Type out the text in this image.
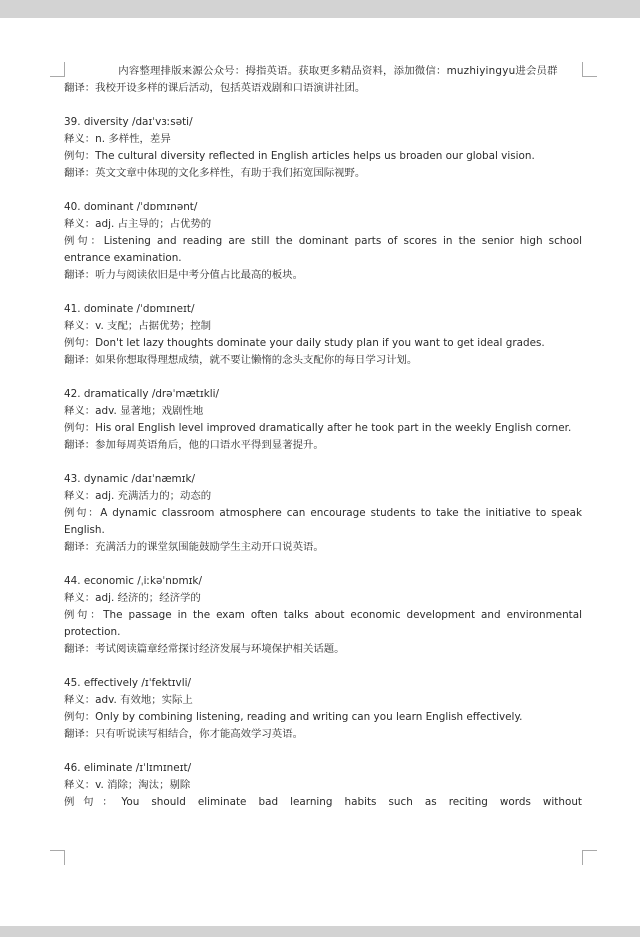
内容整理排版来源公众号：拇指英语。获取更多精品资料，添加微信：muzhiyingyu进会员群
翻译：我校开设多样的课后活动，包括英语戏剧和口语演讲社团。
39. diversity /daɪˈvɜːsəti/
释义：n. 多样性，差异
例句：The cultural diversity reflected in English articles helps us broaden our global vision.
翻译：英文文章中体现的文化多样性，有助于我们拓宽国际视野。
40. dominant /ˈdɒmɪnənt/
释义：adj. 占主导的；占优势的
例句：Listening and reading are still the dominant parts of scores in the senior high school entrance examination.
翻译：听力与阅读依旧是中考分值占比最高的板块。
41. dominate /ˈdɒmɪneɪt/
释义：v. 支配；占据优势；控制
例句：Don't let lazy thoughts dominate your daily study plan if you want to get ideal grades.
翻译：如果你想取得理想成绩，就不要让懒惰的念头支配你的每日学习计划。
42. dramatically /drəˈmætɪkli/
释义：adv. 显著地；戏剧性地
例句：His oral English level improved dramatically after he took part in the weekly English corner.
翻译：参加每周英语角后，他的口语水平得到显著提升。
43. dynamic /daɪˈnæmɪk/
释义：adj. 充满活力的；动态的
例句：A dynamic classroom atmosphere can encourage students to take the initiative to speak English.
翻译：充满活力的课堂氛围能鼓励学生主动开口说英语。
44. economic /ˌiːkəˈnɒmɪk/
释义：adj. 经济的；经济学的
例句：The passage in the exam often talks about economic development and environmental protection.
翻译：考试阅读篇章经常探讨经济发展与环境保护相关话题。
45. effectively /ɪˈfektɪvli/
释义：adv. 有效地；实际上
例句：Only by combining listening, reading and writing can you learn English effectively.
翻译：只有听说读写相结合，你才能高效学习英语。
46. eliminate /ɪˈlɪmɪneɪt/
释义：v. 消除；淘汰；剔除
例句：You should eliminate bad learning habits such as reciting words without
